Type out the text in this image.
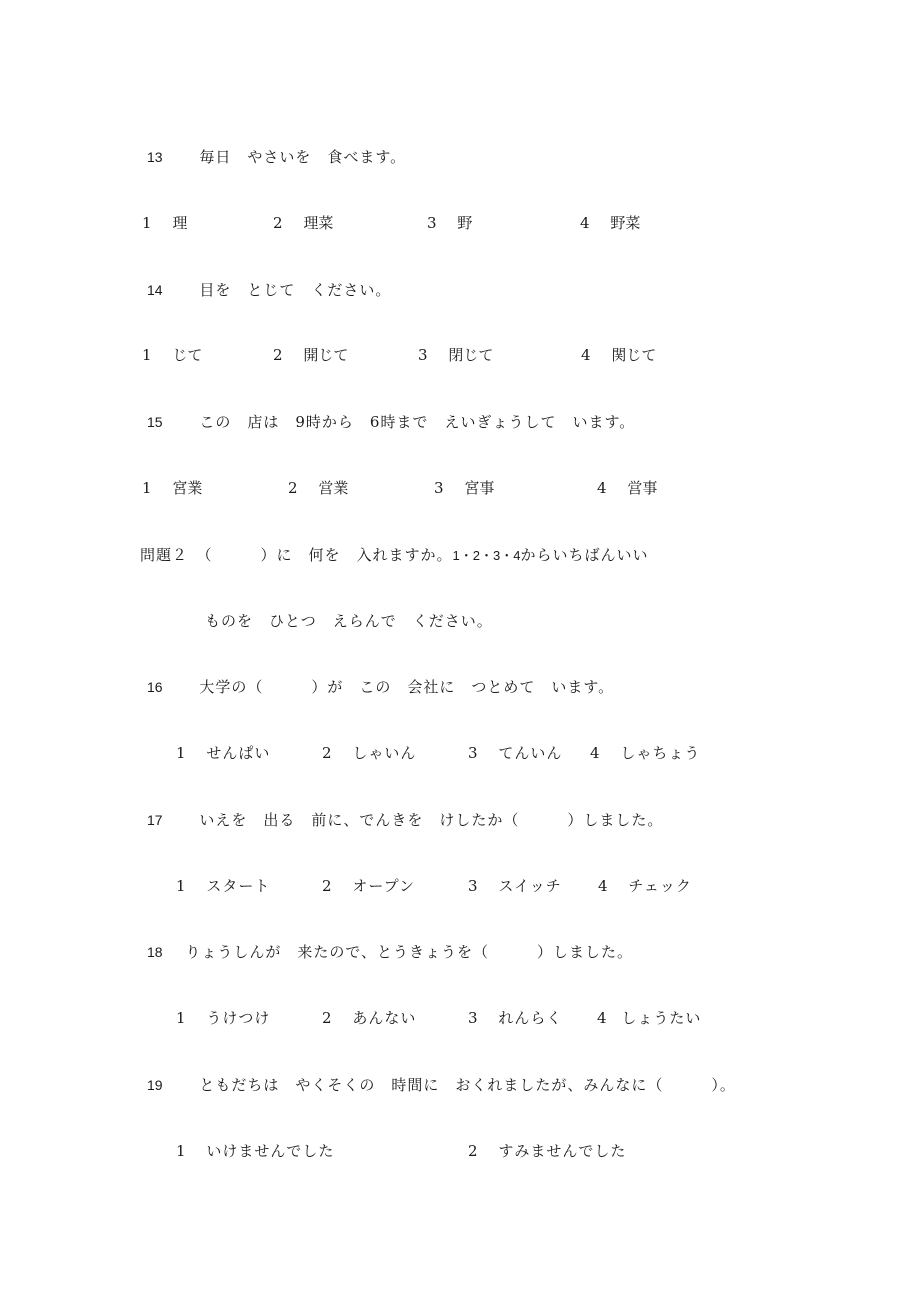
13 毎日　やさいを　食べます。
1 理	2 理菜	3 野	4 野菜
14 目を　とじて　ください。
1 じて	2 開じて	3 閉じて	4 関じて
15 この　店は　9時から　6時まで　えいぎょうして　います。
1 宮業	2 営業	3 宮事	4 営事
問題２　（　　　）に　何を　入れますか。1・2・3・4からいちばんいい
ものを　ひとつ　えらんで　ください。
16 大学の（　　　）が　この　会社に　つとめて　います。
1 せんぱい	2 しゃいん	3 てんいん 4 しゃちょう
17 いえを　出る　前に、でんきを　けしたか（　　　）しました。
1 スタート	2 オープン	3 スイッチ 4 チェック
18 りょうしんが　来たので、とうきょうを（　　　）しました。
1 うけつけ	2 あんない	3 れんらく 4 しょうたい
19 ともだちは　やくそくの　時間に　おくれましたが、みんなに（　　　）。
1 いけませんでした	2 すみませんでした
